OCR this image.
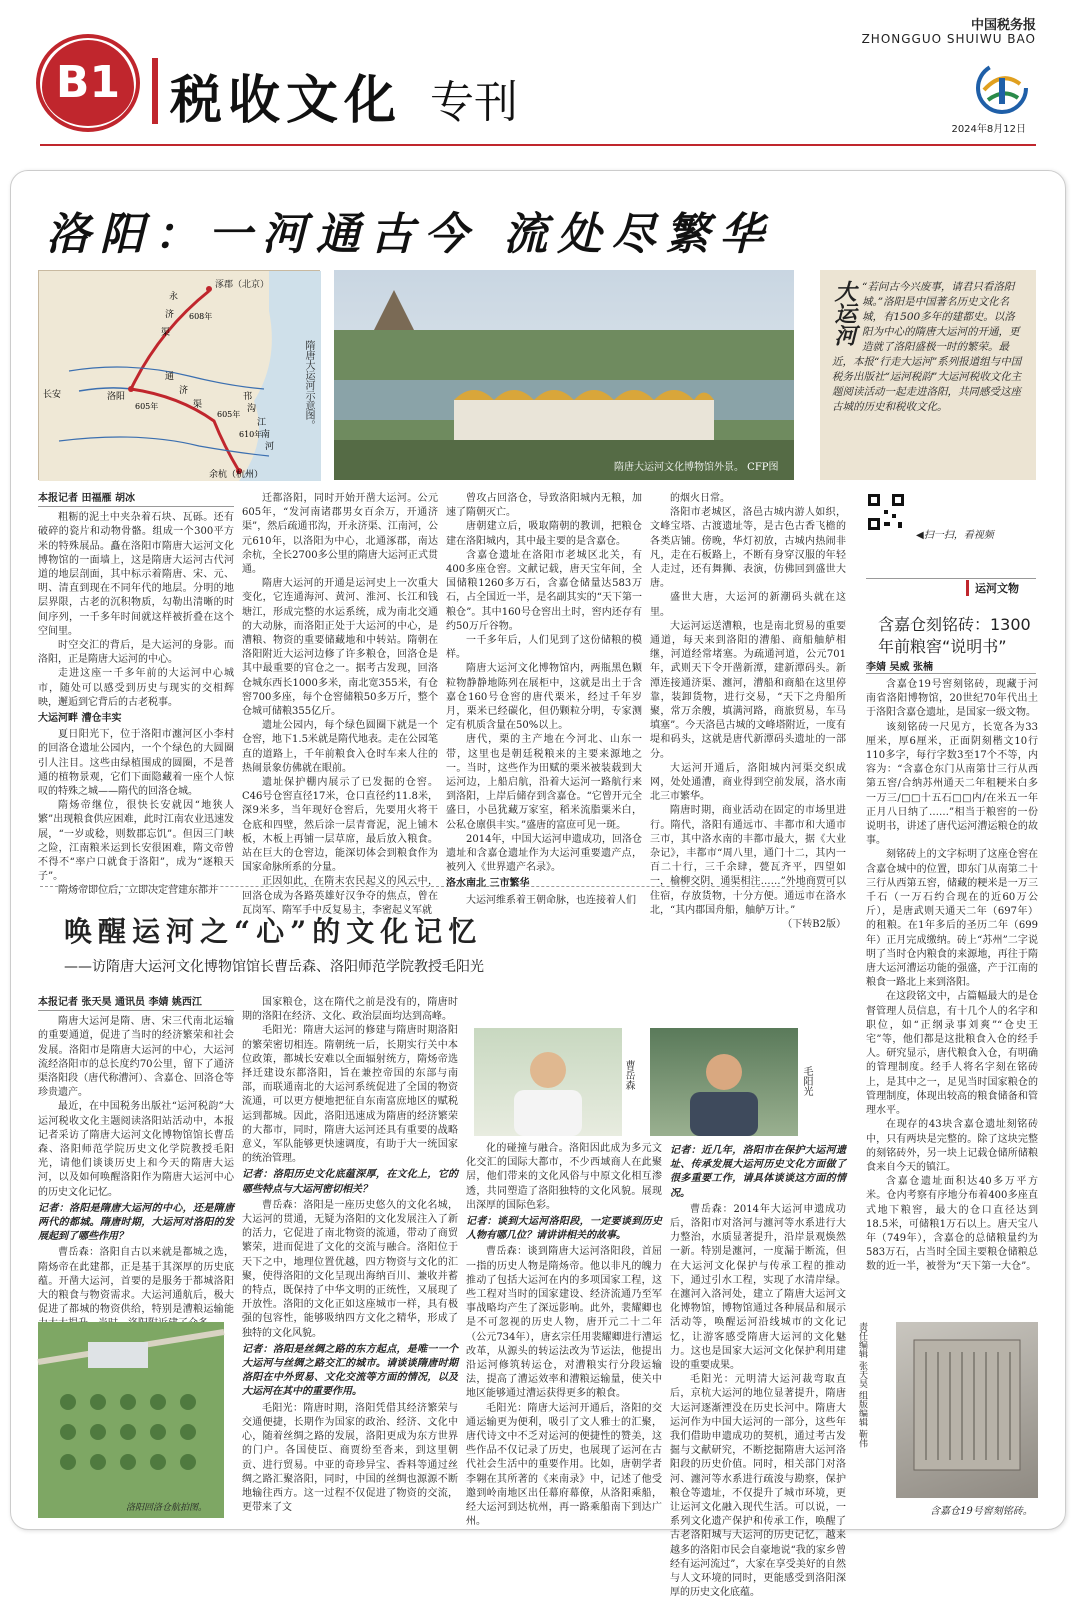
B1 税收文化 专刊
中国税务报
ZHONGGUO SHUIWU BAO
2024年8月12日
洛阳：一河通古今 流处尽繁华
涿郡（北京）
永
济
渠
608年
洛阳
通
济
渠
605年
605年
邗
沟
江
南
河
610年
长安
余杭（杭州）
隋唐大运河示意图。
隋唐大运河文化博物馆外景。 CFP图
大运河 “若问古今兴废事，请君只看洛阳城。”洛阳是中国著名历史文化名城，有1500多年的建都史。以洛阳为中心的隋唐大运河的开通，更造就了洛阳盛极一时的繁荣。最近，本报“行走大运河”系列报道组与中国税务出版社“运河税韵”大运河税收文化主题阅读活动一起走进洛阳，共同感受这座古城的历史和税收文化。
本报记者 田福雁 胡冰

粗粝的泥土中夹杂着石块、瓦砾。还有破碎的瓷片和动物骨骼。组成一个300平方米的特殊展品。矗在洛阳市隋唐大运河文化博物馆的一面墙上，这是隋唐大运河古代河道的地层剖面，其中标示着隋唐、宋、元、明、清直到现在不同年代的地层。分明的地层界限，古老的沉积物质，勾勒出清晰的时间序列，一千多年时间就这样被折叠在这个空间里。

时空交汇的背后，是大运河的身影。而洛阳，正是隋唐大运河的中心。

走进这座一千多年前的大运河中心城市，随处可以感受到历史与现实的交相辉映，邂逅到它背后的古老税事。

大运河畔 漕仓丰实

夏日阳光下，位于洛阳市瀍河区小李村的回洛仓遗址公园内，一个个绿色的大圆圈引人注目。这些由绿植围成的圆圈，不是普通的植物景观，它们下面隐藏着一座个人惊叹的特殊之城——隋代的回洛仓城。

隋炀帝继位，很快长安就因“地狭人繁”出现粮食供应困难，此时江南农业迅速发展，“一岁或稔，则数郡忘饥”。但因三门峡之险，江南粮米运到长安很困难，隋文帝曾不得不“率户口就食于洛阳”，成为“逐粮天子”。

隋炀帝即位后，立即决定营建东都并

迁都洛阳，同时开始开凿大运河。公元605年，“发河南诸郡男女百余万，开通济渠”，然后疏通邗沟，开永济渠、江南河，公元610年，以洛阳为中心，北通涿郡，南达余杭，全长2700多公里的隋唐大运河正式贯通。

隋唐大运河的开通是运河史上一次重大变化，它连通海河、黄河、淮河、长江和钱塘江，形成完整的水运系统，成为南北交通的大动脉，而洛阳正处于大运河的中心，是漕粮、物资的重要储藏地和中转站。隋朝在洛阳附近大运河边修了许多粮仓，回洛仓是其中最重要的官仓之一。据考古发现，回洛仓城东西长1000多米，南北宽355米，有仓窖700多座，每个仓窖储粮50多万斤，整个仓城可储粮355亿斤。

遗址公园内，每个绿色圆圈下就是一个仓窖，地下1.5米就是隋代地表。走在公园笔直的道路上，千年前粮食入仓时车来人往的热闹景象仿佛就在眼前。

遗址保护棚内展示了已发掘的仓窖。C46号仓窖直径17米，仓口直径约11.8米，深9米多，当年现好仓窖后，先要用火将干仓底和四壁，然后涂一层青膏泥，泥上铺木板，木板上再铺一层草席，最后放入粮食。站在巨大的仓窖边，能深切体会到粮食作为国家命脉所系的分量。

正因如此，在隋末农民起义的风云中，回洛仓成为各路英雄好汉争夺的焦点，曾在瓦岗军、隋军手中反复易主，李密起义军就

曾攻占回洛仓，导致洛阳城内无粮，加速了隋朝灭亡。

唐朝建立后，吸取隋朝的教训，把粮仓建在洛阳城内，其中最主要的是含嘉仓。

含嘉仓遗址在洛阳市老城区北关，有400多座仓窖。文献记载，唐天宝年间，全国储粮1260多万石，含嘉仓储量达583万石，占全国近一半，是名副其实的“天下第一粮仓”。其中160号仓窖出土时，窖内还存有约50万斤谷物。

一千多年后，人们见到了这份储粮的模样。

隋唐大运河文化博物馆内，两瓶黑色颗粒物静静地陈列在展柜中，这就是出土于含嘉仓160号仓窖的唐代栗米，经过千年岁月，栗米已经碳化，但仍颗粒分明，专家测定有机质含量在50%以上。

唐代，栗的主产地在今河北、山东一带，这里也是朝廷税粮来的主要来源地之一。当时，这些作为田赋的栗米被装载到大运河边，上船启航，沿着大运河一路航行来到洛阳，上岸后储存到含嘉仓。“它曾开元全盛日，小邑犹藏万家室，稻米流脂粟米白，公私仓廪俱丰实。”盛唐的富庶可见一斑。

2014年，中国大运河申遗成功，回洛仓遗址和含嘉仓遗址作为大运河重要遗产点，被列入《世界遗产名录》。

洛水南北 三市繁华

大运河维系着王朝命脉，也连接着人们

的烟火日常。

洛阳市老城区，洛邑古城内游人如织，文峰宝塔、古渡遗址等，是古色古香飞檐的各类店铺。傍晚，华灯初放，古城内热闹非凡，走在石板路上，不断有身穿汉服的年轻人走过，还有舞狮、表演，仿佛回到盛世大唐。

盛世大唐，大运河的新潮码头就在这里。

大运河运送漕粮，也是南北贸易的重要通道，每天来到洛阳的漕船、商船舳舻相继，河道经常堵塞。为疏通河道，公元701年，武则天下令开凿新潭，建新潭码头。新潭连接通济渠、瀍河，漕船和商船在这里停靠，装卸货物，进行交易，“天下之舟船所聚，常万余艘，填满河路，商旅贸易，车马填塞”。今天洛邑古城的文峰塔附近，一度有堤和码头，这就是唐代新潭码头遗址的一部分。

大运河开通后，洛阳城内河渠交织成网，处处通漕，商业得到空前发展，洛水南北三市繁华。

隋唐时期，商业活动在固定的市场里进行。隋代，洛阳有通远市、丰都市和大通市三市，其中洛水南的丰都市最大，据《大业杂记》，丰都市“周八里，通门十二，其内一百二十行，三千余肆，甍瓦齐平，四望如一，榆柳交阴，通渠相注……”外地商贾可以住宿，存放货物，十分方便。通远市在洛水北，“其内郡国舟船，舳舻万计。”

（下转B2版）

◀扫一扫，看视频
运河文物
含嘉仓刻铭砖：1300年前粮窖“说明书”
李婧 吴威 张楠

含嘉仓19号窖刻铭砖，现藏于河南省洛阳博物馆，20世纪70年代出土于洛阳含嘉仓遗址，是国家一级文物。

该刻铭砖一尺见方，长宽各为33厘米，厚6厘米，正面阴刻楷文10行110多字，每行字数3至17个不等，内容为：“含嘉仓东门从南第廿三行从西第五窖/合纳苏州通天二年租粳米白多一万三/□□十五石□□内/在米五一年正月八日纳了……”相当于粮窖的一份说明书，讲述了唐代运河漕运粮仓的故事。

刻铭砖上的文字标明了这座仓窖在含嘉仓城中的位置，即东门从南第二十三行从西第五窖，储藏的粳米是一万三千石（一万石约合现在的近60万公斤），是唐武则天通天二年（697年）的租粮。在1年多后的圣历二年（699年）正月完成缴纳。砖上“苏州”二字说明了当时仓内粮食的来源地，再往于隋唐大运河漕运功能的强盛，产于江南的粮食一路北上来到洛阳。

在这段铭文中，占篇幅最大的是仓督管理人员信息，有十几个人的名字和职位，如“正纲录事刘爽”“仓史王宅”等，他们都是这批粮食入仓的经手人。研究显示，唐代粮食入仓，有明确的管理制度。经手人将名字刻在铭砖上，是其中之一，足见当时国家粮仓的管理制度，体现出较高的粮食储备和管理水平。

在现存的43块含嘉仓遗址刻铭砖中，只有两块是完整的。除了这块完整的刻铭砖外，另一块上记载仓储所储粮食来自今天的镇江。

含嘉仓遗址面积达40多万平方米。仓内考察有序地分布着400多座直式地下粮窖，最大的仓口直径达到18.5米，可储粮1万石以上。唐天宝八年（749年），含嘉仓的总储粮量约为583万石，占当时全国主要粮仓储粮总数的近一半，被誉为“天下第一大仓”。

含嘉仓19号窖刻铭砖。
唤醒运河之“心”的文化记忆
——访隋唐大运河文化博物馆馆长曹岳森、洛阳师范学院教授毛阳光
本报记者 张天昊 通讯员 李婧 姚西江

隋唐大运河是隋、唐、宋三代南北运输的重要通道，促进了当时的经济繁荣和社会发展。洛阳市是隋唐大运河的中心，大运河流经洛阳市的总长度约70公里，留下了通济渠洛阳段（唐代称漕河）、含嘉仓、回洛仓等珍贵遗产。

最近，在中国税务出版社“运河税韵”大运河税收文化主题阅读洛阳站活动中，本报记者采访了隋唐大运河文化博物馆馆长曹岳森、洛阳师范学院历史文化学院教授毛阳光，请他们谈谈历史上和今天的隋唐大运河，以及如何唤醒洛阳作为隋唐大运河中心的历史文化记忆。

记者：洛阳是隋唐大运河的中心，还是隋唐两代的都城。隋唐时期，大运河对洛阳的发展起到了哪些作用？

曹岳森：洛阳自古以来就是都城之选，隋炀帝在此建都，正是基于其深厚的历史底蕴。开凿大运河，首要的是服务于都城洛阳大的粮食与物资需求。大运河通航后，极大促进了都城的物资供给，特别是漕粮运输能

洛阳回洛仓航拍图。

国家粮仓，这在隋代之前是没有的，隋唐时期的洛阳在经济、文化、政治层面均达到高峰。

毛阳光：隋唐大运河的修建与隋唐时期洛阳的繁荣密切相连。隋朝统一后，长期实行关中本位政策，都城长安难以全面辐射统方，隋炀帝选择迁建设东都洛阳，旨在兼控帝国的东部与南部，而联通南北的大运河系统促进了全国的物资流通，可以更方便地把征自东南富庶地区的赋税运到都城。因此，洛阳迅速成为隋唐的经济繁荣的大都市，同时，隋唐大运河还具有重要的战略意义，军队能够更快速调度，有助于大一统国家的统治管理。

记者：洛阳历史文化底蕴深厚，在文化上，它的哪些特点与大运河密切相关？

曹岳森：洛阳是一座历史悠久的文化名城，大运河的贯通，无疑为洛阳的文化发展注入了新的活力，它促进了南北物资的流通，带动了商贸繁荣，进而促进了文化的交流与融合。洛阳位于天下之中，地理位置优越，四方物资与文化的汇聚，使得洛阳的文化呈现出海纳百川、兼收并蓄的特点，既保持了中华文明的正统性，又展现了开放性。洛阳的文化正如这座城市一样，具有极强的包容性，能够吸纳四方文化之精华，形成了独特的文化风貌。

记者：洛阳是丝绸之路的东方起点，是唯一一个大运河与丝绸之路交汇的城市。请谈谈隋唐时期洛阳在中外贸易、文化交流等方面的情况，以及大运河在其中的重要作用。

毛阳光：隋唐时期，洛阳凭借其经济繁荣与交通便捷，长期作为国家的政治、经济、文化中心，随着丝绸之路的发展，洛阳更成为东方世界的门户。各国使臣、商贾纷至沓来，到这里朝贡、进行贸易。中亚的奇珍异宝、香料等通过丝绸之路汇聚洛阳，同时，中国的丝绸也源源不断地输往西方。这一过程不仅促进了物资的交流，更带来了文

曹岳森	毛阳光

化的碰撞与融合。洛阳因此成为多元文化交汇的国际大都市，不少西域商人在此聚居，他们带来的文化风俗与中原文化相互渗透，共同塑造了洛阳独特的文化风貌。展现出深厚的国际色彩。

记者：谈到大运河洛阳段，一定要谈到历史人物有哪几位？请讲讲相关的故事。

曹岳森：谈到隋唐大运河洛阳段，首屈一指的历史人物是隋炀帝。他以非凡的魄力推动了包括大运河在内的多项国家工程，这些工程对当时的国家建设、经济流通乃至军事战略均产生了深远影响。此外，裴耀卿也是不可忽视的历史人物，唐开元二十二年（公元734年），唐玄宗任用裴耀卿进行漕运改革，从源头的转运法改为节运法，他提出沿运河修筑转运仓，对漕粮实行分段运输法，提高了漕运效率和漕粮运输量，使关中地区能够通过漕运获得更多的粮食。

毛阳光：隋唐大运河开通后，洛阳的交通运输更为便利，吸引了文人雅士的汇聚，唐代诗文中不乏对运河的便捷性的赞美，这些作品不仅记录了历史，也展现了运河在古代社会生活中的重要作用。比如，唐朝学者李翱在其所著的《来南录》中，记述了他受邀到岭南地区出任幕府幕僚，从洛阳乘船，经大运河到达杭州，再一路乘船南下到达广州。

记者：近几年，洛阳市在保护大运河遗址、传承发展大运河历史文化方面做了很多重要工作，请具体谈谈这方面的情况。

曹岳森：2014年大运河申遗成功后，洛阳市对洛河与瀍河等水系进行大力整治，水质显著提升，沿岸景观焕然一新。特别是瀍河，一度漏于断流，但在大运河文化保护与传承工程的推动下，通过引水工程，实现了水清岸绿。在瀍河入洛河处，建立了隋唐大运河文化博物馆，博物馆通过各种展品和展示活动等，唤醒运河沿线城市的文化记忆，让游客感受隋唐大运河的文化魅力。这也是国家大运河文化保护利用建设的重要成果。

毛阳光：元明清大运河裁弯取直后，京杭大运河的地位显著提升，隋唐大运河逐渐湮没在历史长河中。隋唐大运河作为中国大运河的一部分，这些年我们借助申遗成功的契机，通过考古发掘与文献研究，不断挖掘隋唐大运河洛阳段的历史价值。同时，相关部门对洛河、瀍河等水系进行疏浚与勘察，保护粮仓等遗址，不仅提升了城市环境，更让运河文化融入现代生活。可以说，一系列文化遗产保护和传承工作，唤醒了古老洛阳城与大运河的历史记忆，越来越多的洛阳市民会自豪地说“我的家乡曾经有运河流过”，大家在享受美好的自然与人文环境的同时，更能感受到洛阳深厚的历史文化底蕴。

责任编辑 张天昊 组版编辑 靳伟
